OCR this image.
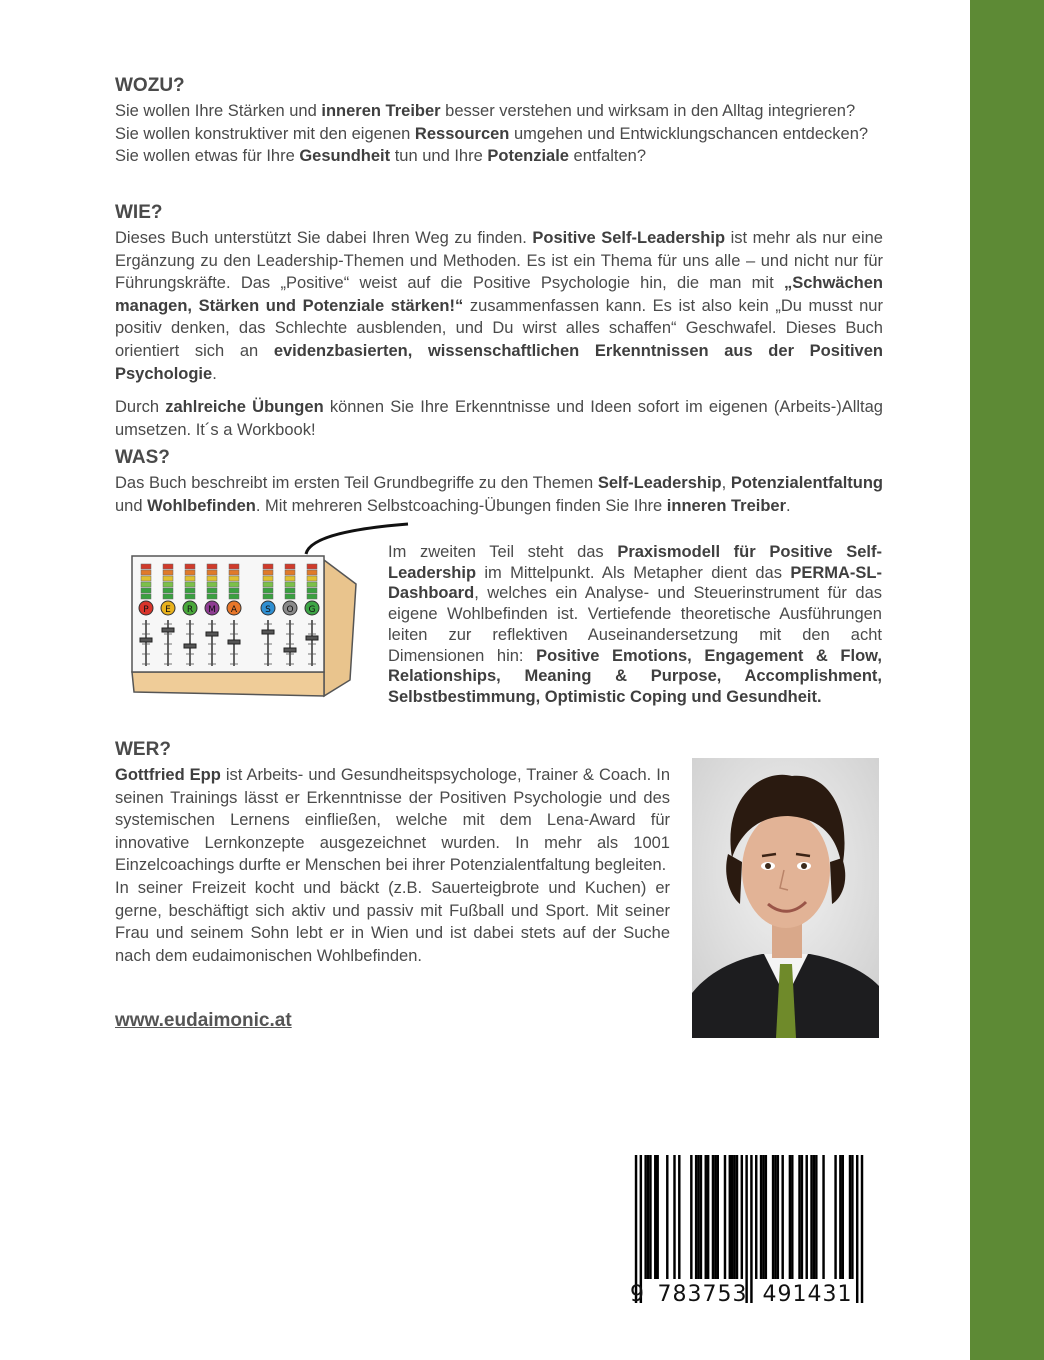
WOZU?

Sie wollen Ihre Stärken und inneren Treiber besser verstehen und wirksam in den Alltag integrieren?

Sie wollen konstruktiver mit den eigenen Ressourcen umgehen und Entwicklungschancen entdecken?

Sie wollen etwas für Ihre Gesundheit tun und Ihre Potenziale entfalten?

WIE?

Dieses Buch unterstützt Sie dabei Ihren Weg zu finden. Positive Self-Leadership ist mehr als nur eine Ergänzung zu den Leadership-Themen und Methoden. Es ist ein Thema für uns alle – und nicht nur für Führungskräfte. Das „Positive“ weist auf die Positive Psychologie hin, die man mit „Schwächen managen, Stärken und Potenziale stärken!“ zusammenfassen kann. Es ist also kein „Du musst nur positiv denken, das Schlechte ausblenden, und Du wirst alles schaffen“ Geschwafel. Dieses Buch orientiert sich an evidenzbasierten, wissenschaftlichen Erkenntnissen aus der Positiven Psychologie.

Durch zahlreiche Übungen können Sie Ihre Erkenntnisse und Ideen sofort im eigenen (Arbeits-)Alltag umsetzen. It´s a Workbook!

WAS?

Das Buch beschreibt im ersten Teil Grundbegriffe zu den Themen Self-Leadership, Potenzialentfaltung und Wohlbefinden. Mit mehreren Selbstcoaching-Übungen finden Sie Ihre inneren Treiber.

P E R M A	S O G
Im zweiten Teil steht das Praxismodell für Positive Self-Leadership im Mittelpunkt. Als Metapher dient das PERMA-SL-Dashboard, welches ein Analyse- und Steuerinstrument für das eigene Wohlbefinden ist. Vertiefende theoretische Ausführungen leiten zur reflektiven Auseinandersetzung mit den acht Dimensionen hin: Positive Emotions, Engagement & Flow, Relationships, Meaning & Purpose, Accomplishment, Selbstbestimmung, Optimistic Coping und Gesundheit.
WER?

Gottfried Epp ist Arbeits- und Gesundheitspsychologe, Trainer & Coach. In seinen Trainings lässt er Erkenntnisse der Positiven Psychologie und des systemischen Lernens einfließen, welche mit dem Lena-Award für innovative Lernkonzepte ausgezeichnet wurden. In mehr als 1001 Einzelcoachings durfte er Menschen bei ihrer Potenzialentfaltung begleiten.

In seiner Freizeit kocht und bäckt (z.B. Sauerteigbrote und Kuchen) er gerne, beschäftigt sich aktiv und passiv mit Fußball und Sport. Mit seiner Frau und seinem Sohn lebt er in Wien und ist dabei stets auf der Suche nach dem eudaimonischen Wohlbefinden.

www.eudaimonic.at
9 783753 491431
